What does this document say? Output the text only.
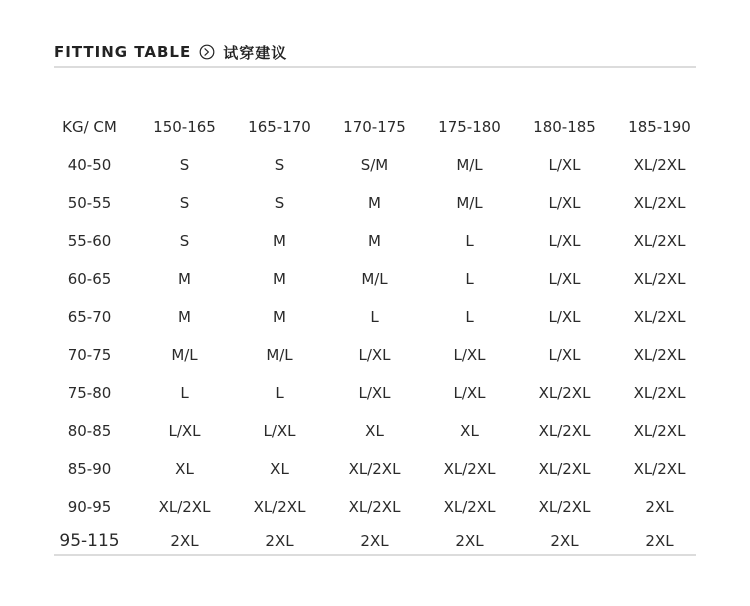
FITTING TABLE 试穿建议
KG/ CM	150-165	165-170	170-175	175-180	180-185	185-190
40-50	S	S	S/M	M/L	L/XL	XL/2XL
50-55	S	S	M	M/L	L/XL	XL/2XL
55-60	S	M	M	L	L/XL	XL/2XL
60-65	M	M	M/L	L	L/XL	XL/2XL
65-70	M	M	L	L	L/XL	XL/2XL
70-75	M/L	M/L	L/XL	L/XL	L/XL	XL/2XL
75-80	L	L	L/XL	L/XL	XL/2XL	XL/2XL
80-85	L/XL	L/XL	XL	XL	XL/2XL	XL/2XL
85-90	XL	XL	XL/2XL	XL/2XL	XL/2XL	XL/2XL
90-95	XL/2XL	XL/2XL	XL/2XL	XL/2XL	XL/2XL	2XL
95-115	2XL	2XL	2XL	2XL	2XL	2XL
